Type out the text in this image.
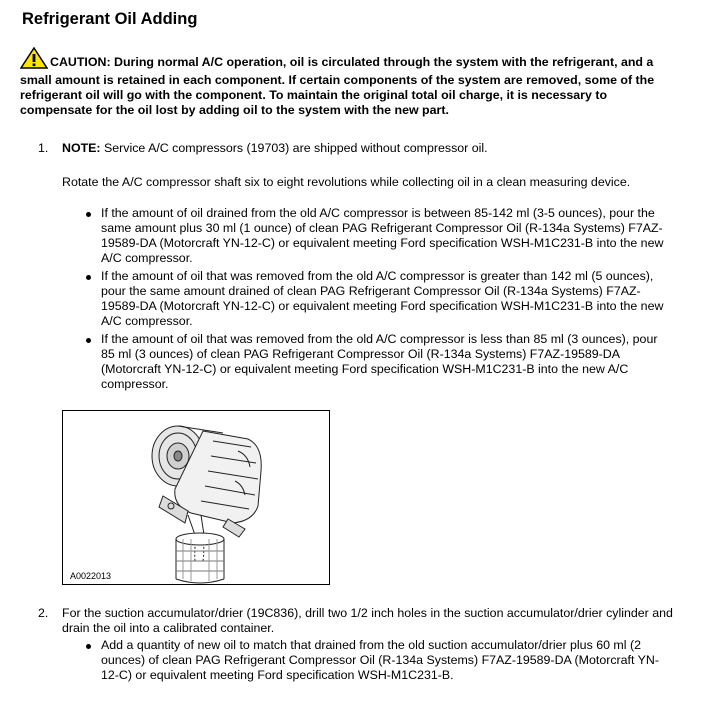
Refrigerant Oil Adding
CAUTION: During normal A/C operation, oil is circulated through the system with the refrigerant, and a small amount is retained in each component. If certain components of the system are removed, some of the refrigerant oil will go with the component. To maintain the original total oil charge, it is necessary to compensate for the oil lost by adding oil to the system with the new part.
1. NOTE: Service A/C compressors (19703) are shipped without compressor oil.
Rotate the A/C compressor shaft six to eight revolutions while collecting oil in a clean measuring device.
If the amount of oil drained from the old A/C compressor is between 85-142 ml (3-5 ounces), pour the same amount plus 30 ml (1 ounce) of clean PAG Refrigerant Compressor Oil (R-134a Systems) F7AZ-19589-DA (Motorcraft YN-12-C) or equivalent meeting Ford specification WSH-M1C231-B into the new A/C compressor.
If the amount of oil that was removed from the old A/C compressor is greater than 142 ml (5 ounces), pour the same amount drained of clean PAG Refrigerant Compressor Oil (R-134a Systems) F7AZ-19589-DA (Motorcraft YN-12-C) or equivalent meeting Ford specification WSH-M1C231-B into the new A/C compressor.
If the amount of oil that was removed from the old A/C compressor is less than 85 ml (3 ounces), pour 85 ml (3 ounces) of clean PAG Refrigerant Compressor Oil (R-134a Systems) F7AZ-19589-DA (Motorcraft YN-12-C) or equivalent meeting Ford specification WSH-M1C231-B into the new A/C compressor.
A0022013
2. For the suction accumulator/drier (19C836), drill two 1/2 inch holes in the suction accumulator/drier cylinder and drain the oil into a calibrated container.
Add a quantity of new oil to match that drained from the old suction accumulator/drier plus 60 ml (2 ounces) of clean PAG Refrigerant Compressor Oil (R-134a Systems) F7AZ-19589-DA (Motorcraft YN-12-C) or equivalent meeting Ford specification WSH-M1C231-B.
